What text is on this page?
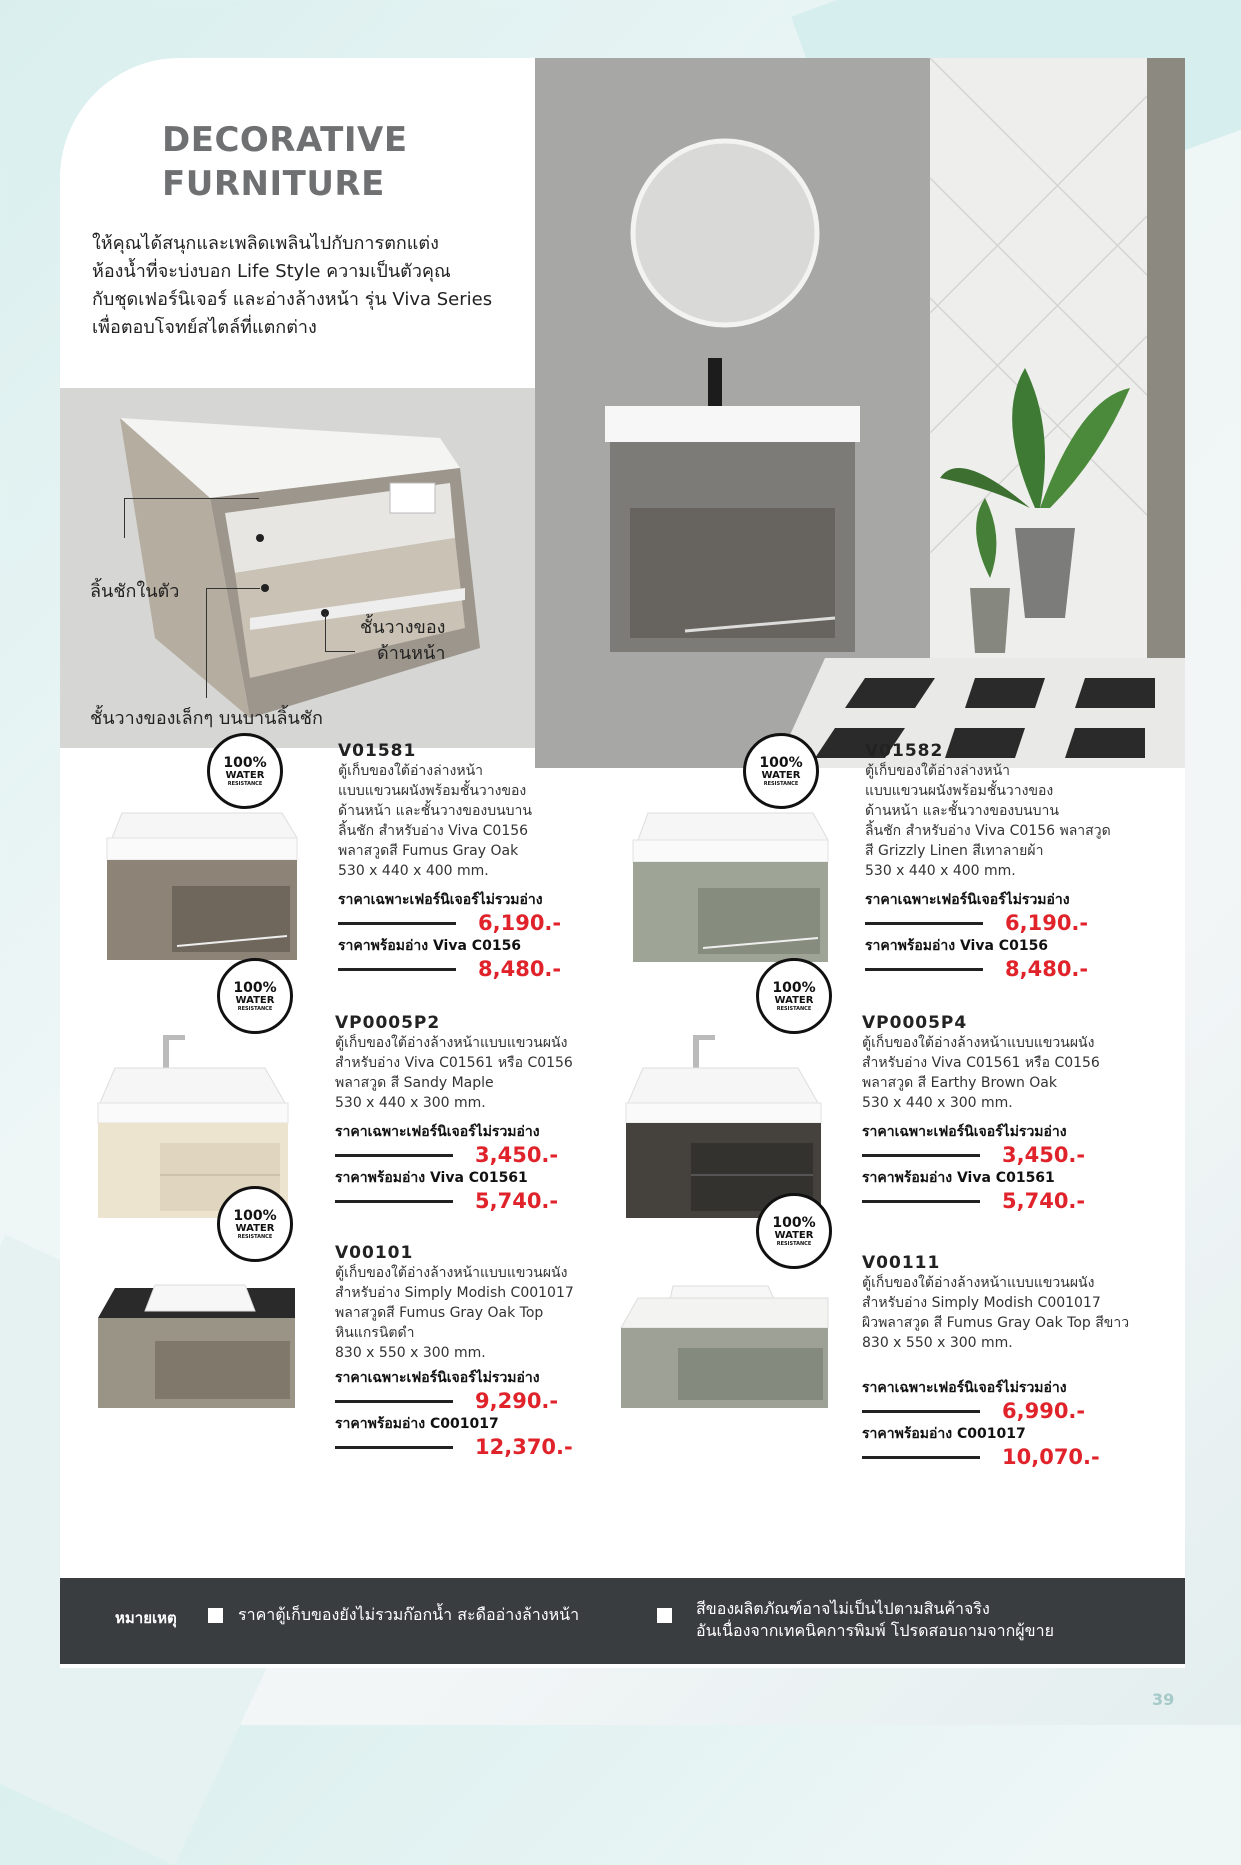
DECORATIVE
FURNITURE
ให้คุณได้สนุกและเพลิดเพลินไปกับการตกแต่ง
ห้องน้ำที่จะบ่งบอก Life Style ความเป็นตัวคุณ
กับชุดเฟอร์นิเจอร์ และอ่างล้างหน้า รุ่น Viva Series
เพื่อตอบโจทย์สไตล์ที่แตกต่าง
ลิ้นชักในตัว
ชั้นวางของเล็กๆ บนบานลิ้นชัก
ชั้นวางของ
ด้านหน้า
100%
WATER
RESISTANCE
V01581
ตู้เก็บของใต้อ่างล่างหน้า
แบบแขวนผนังพร้อมชั้นวางของ
ด้านหน้า และชั้นวางของบนบาน
ลิ้นชัก สำหรับอ่าง Viva C0156
พลาสวูดสี Fumus Gray Oak
530 x 440 x 400 mm.
ราคาเฉพาะเฟอร์นิเจอร์ไม่รวมอ่าง
6,190.-
ราคาพร้อมอ่าง Viva C0156
8,480.-
100%
WATER
RESISTANCE
V01582
ตู้เก็บของใต้อ่างล่างหน้า
แบบแขวนผนังพร้อมชั้นวางของ
ด้านหน้า และชั้นวางของบนบาน
ลิ้นชัก สำหรับอ่าง Viva C0156 พลาสวูด
สี Grizzly Linen สีเทาลายผ้า
530 x 440 x 400 mm.
ราคาเฉพาะเฟอร์นิเจอร์ไม่รวมอ่าง
6,190.-
ราคาพร้อมอ่าง Viva C0156
8,480.-
100%
WATER
RESISTANCE
VP0005P2
ตู้เก็บของใต้อ่างล้างหน้าแบบแขวนผนัง
สำหรับอ่าง Viva C01561 หรือ C0156
พลาสวูด สี Sandy Maple
530 x 440 x 300 mm.
ราคาเฉพาะเฟอร์นิเจอร์ไม่รวมอ่าง
3,450.-
ราคาพร้อมอ่าง Viva C01561
5,740.-
100%
WATER
RESISTANCE
VP0005P4
ตู้เก็บของใต้อ่างล้างหน้าแบบแขวนผนัง
สำหรับอ่าง Viva C01561 หรือ C0156
พลาสวูด สี Earthy Brown Oak
530 x 440 x 300 mm.
ราคาเฉพาะเฟอร์นิเจอร์ไม่รวมอ่าง
3,450.-
ราคาพร้อมอ่าง Viva C01561
5,740.-
100%
WATER
RESISTANCE
V00101
ตู้เก็บของใต้อ่างล้างหน้าแบบแขวนผนัง
สำหรับอ่าง Simply Modish C001017
พลาสวูดสี Fumus Gray Oak Top
หินแกรนิตดำ
830 x 550 x 300 mm.
ราคาเฉพาะเฟอร์นิเจอร์ไม่รวมอ่าง
9,290.-
ราคาพร้อมอ่าง C001017
12,370.-
100%
WATER
RESISTANCE
V00111
ตู้เก็บของใต้อ่างล้างหน้าแบบแขวนผนัง
สำหรับอ่าง Simply Modish C001017
ผิวพลาสวูด สี Fumus Gray Oak Top สีขาว
830 x 550 x 300 mm.
ราคาเฉพาะเฟอร์นิเจอร์ไม่รวมอ่าง
6,990.-
ราคาพร้อมอ่าง C001017
10,070.-
หมายเหตุ	ราคาตู้เก็บของยังไม่รวมก๊อกน้ำ สะดืออ่างล้างหน้า	สีของผลิตภัณฑ์อาจไม่เป็นไปตามสินค้าจริง
อันเนื่องจากเทคนิคการพิมพ์ โปรดสอบถามจากผู้ขาย
39
